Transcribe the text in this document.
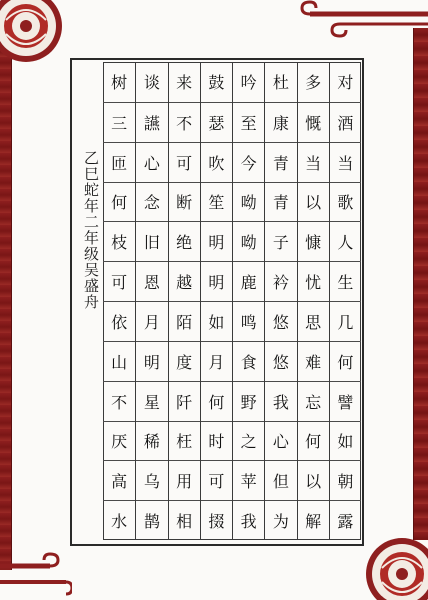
对
酒
当
歌
人
生
几
何
譬
如
朝
露
多
慨
当
以
慷
忧
思
难
忘
何
以
解
杜
康
青
青
子
衿
悠
悠
我
心
但
为
吟
至
今
呦
呦
鹿
鸣
食
野
之
苹
我
鼓
瑟
吹
笙
明
明
如
月
何
时
可
掇
来
不
可
断
绝
越
陌
度
阡
枉
用
相
谈
讌
心
念
旧
恩
月
明
星
稀
乌
鹊
树
三
匝
何
枝
可
依
山
不
厌
高
水
乙巳蛇年二年级吴盛舟
